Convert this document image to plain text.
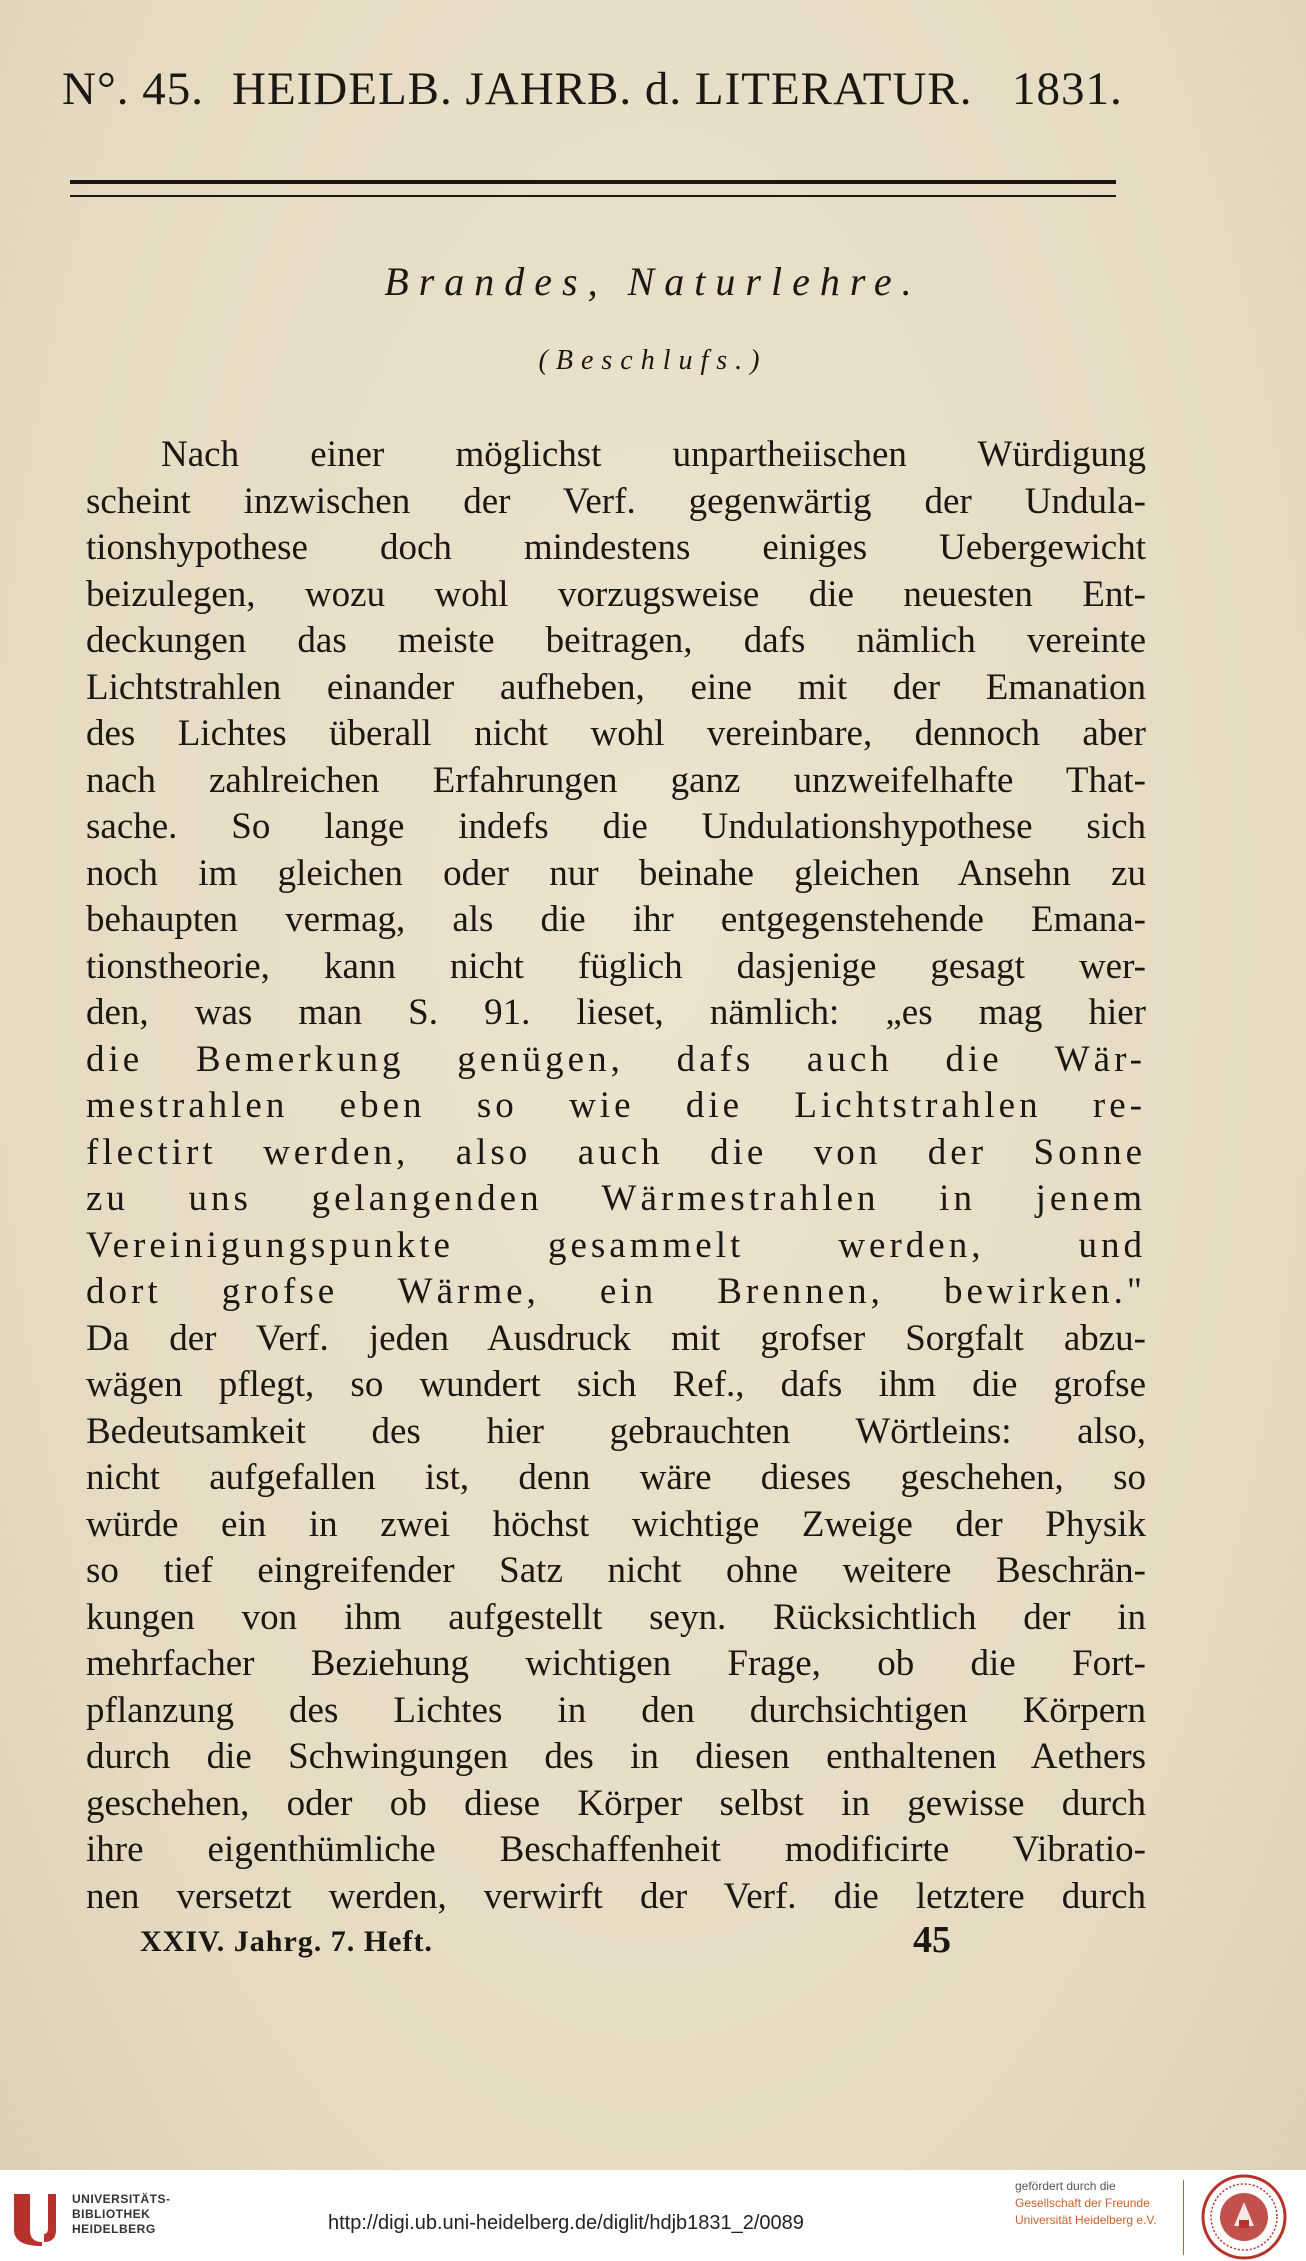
N°. 45. HEIDELB. JAHRB. d. LITERATUR. 1831.
Brandes, Naturlehre.
(Beschlufs.)
Nach einer möglichst unpartheiischen Würdigung
scheint inzwischen der Verf. gegenwärtig der Undula-
tionshypothese doch mindestens einiges Uebergewicht
beizulegen, wozu wohl vorzugsweise die neuesten Ent-
deckungen das meiste beitragen, dafs nämlich vereinte
Lichtstrahlen einander aufheben, eine mit der Emanation
des Lichtes überall nicht wohl vereinbare, dennoch aber
nach zahlreichen Erfahrungen ganz unzweifelhafte That-
sache. So lange indefs die Undulationshypothese sich
noch im gleichen oder nur beinahe gleichen Ansehn zu
behaupten vermag, als die ihr entgegenstehende Emana-
tionstheorie, kann nicht füglich dasjenige gesagt wer-
den, was man S. 91. lieset, nämlich: „es mag hier
die Bemerkung genügen, dafs auch die Wär-
mestrahlen eben so wie die Lichtstrahlen re-
flectirt werden, also auch die von der Sonne
zu uns gelangenden Wärmestrahlen in jenem
Vereinigungspunkte gesammelt werden, und
dort grofse Wärme, ein Brennen, bewirken."
Da der Verf. jeden Ausdruck mit grofser Sorgfalt abzu-
wägen pflegt, so wundert sich Ref., dafs ihm die grofse
Bedeutsamkeit des hier gebrauchten Wörtleins: also,
nicht aufgefallen ist, denn wäre dieses geschehen, so
würde ein in zwei höchst wichtige Zweige der Physik
so tief eingreifender Satz nicht ohne weitere Beschrän-
kungen von ihm aufgestellt seyn. Rücksichtlich der in
mehrfacher Beziehung wichtigen Frage, ob die Fort-
pflanzung des Lichtes in den durchsichtigen Körpern
durch die Schwingungen des in diesen enthaltenen Aethers
geschehen, oder ob diese Körper selbst in gewisse durch
ihre eigenthümliche Beschaffenheit modificirte Vibratio-
nen versetzt werden, verwirft der Verf. die letztere durch
XXIV. Jahrg. 7. Heft.	45
UNIVERSITÄTS-
BIBLIOTHEK
HEIDELBERG	http://digi.ub.uni-heidelberg.de/diglit/hdjb1831_2/0089
gefördert durch die
Gesellschaft der Freunde
Universität Heidelberg e.V.
